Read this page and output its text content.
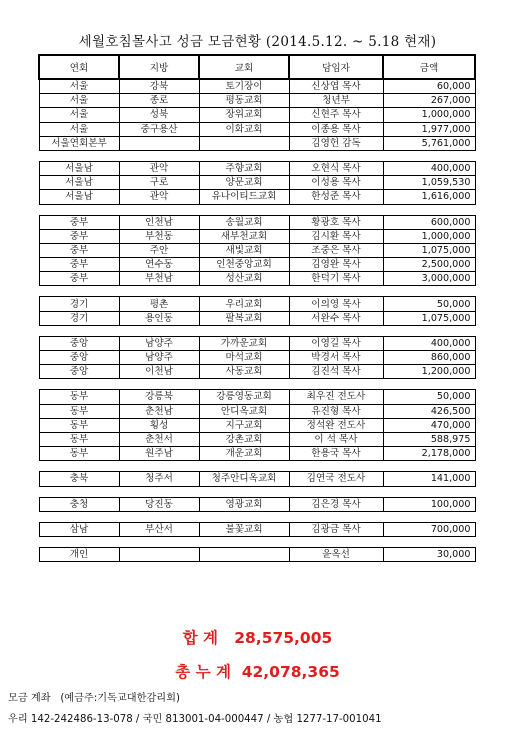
세월호침몰사고 성금 모금현황 (2014.5.12. ~ 5.18 현재)
연회	지방	교회	담임자	금액
서울	강북	토기장이	신상엽 목사	60,000
서울	종로	평동교회	청년부	267,000
서울	성북	장위교회	신현주 목사	1,000,000
서울	중구용산	이화교회	이종용 목사	1,977,000
서울연회본부			김영헌 감독	5,761,000

서울남	관악	주향교회	오현식 목사	400,000
서울남	구로	양문교회	이성용 목사	1,059,530
서울남	관악	유나이티드교회	한성준 목사	1,616,000

중부	인천남	송월교회	황광호 목사	600,000
중부	부천동	새부천교회	김시환 목사	1,000,000
중부	주안	새빛교회	조중은 목사	1,075,000
중부	연수동	인천중앙교회	김영완 목사	2,500,000
중부	부천남	성산교회	한덕기 목사	3,000,000

경기	평촌	우리교회	이의영 목사	50,000
경기	용인동	팔복교회	서완수 목사	1,075,000

중앙	남양주	가까운교회	이영길 목사	400,000
중앙	남양주	마석교회	박경서 목사	860,000
중앙	이천남	사동교회	김진석 목사	1,200,000

동부	강릉북	강릉영동교회	최우진 전도사	50,000
동부	춘천남	안디옥교회	유진형 목사	426,500
동부	횡성	지구교회	정석완 전도사	470,000
동부	춘천서	강촌교회	이 석 목사	588,975
동부	원주남	개운교회	한용국 목사	2,178,000

충북	청주서	청주안디옥교회	김연국 전도사	141,000

충청	당진동	영광교회	김은경 목사	100,000

삼남	부산서	불꽃교회	김광금 목사	700,000

개인			윤옥선	30,000
합 계 28,575,005
총 누 계 42,078,365
모금 계좌 (예금주:기독교대한감리회)
우리 142-242486-13-078 / 국민 813001-04-000447 / 농협 1277-17-001041
